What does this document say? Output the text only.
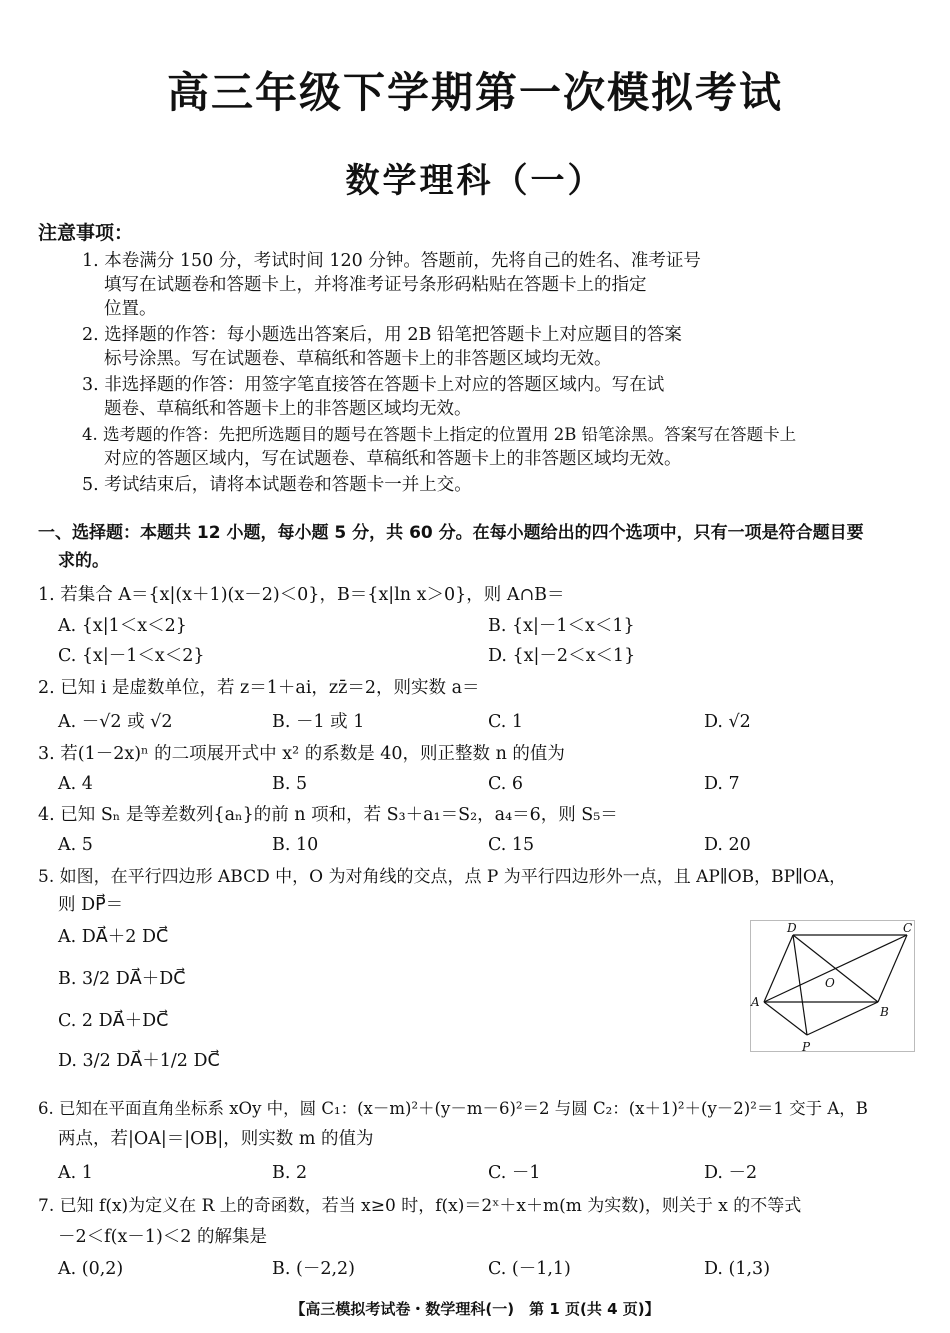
高三年级下学期第一次模拟考试
数学理科（一）
注意事项：
1. 本卷满分 150 分，考试时间 120 分钟。答题前，先将自己的姓名、准考证号
填写在试题卷和答题卡上，并将准考证号条形码粘贴在答题卡上的指定
位置。
2. 选择题的作答：每小题选出答案后，用 2B 铅笔把答题卡上对应题目的答案
标号涂黑。写在试题卷、草稿纸和答题卡上的非答题区域均无效。
3. 非选择题的作答：用签字笔直接答在答题卡上对应的答题区域内。写在试
题卷、草稿纸和答题卡上的非答题区域均无效。
4. 选考题的作答：先把所选题目的题号在答题卡上指定的位置用 2B 铅笔涂黑。答案写在答题卡上
对应的答题区域内，写在试题卷、草稿纸和答题卡上的非答题区域均无效。
5. 考试结束后，请将本试题卷和答题卡一并上交。
一、选择题：本题共 12 小题，每小题 5 分，共 60 分。在每小题给出的四个选项中，只有一项是符合题目要
求的。
1. 若集合 A＝{x|(x＋1)(x－2)＜0}，B＝{x|ln x＞0}，则 A∩B＝
A. {x|1＜x＜2}	B. {x|－1＜x＜1}
C. {x|－1＜x＜2}	D. {x|－2＜x＜1}
2. 已知 i 是虚数单位，若 z＝1＋ai，zz̄＝2，则实数 a＝
A. －√2 或 √2	B. －1 或 1	C. 1	D. √2
3. 若(1－2x)ⁿ 的二项展开式中 x² 的系数是 40，则正整数 n 的值为
A. 4	B. 5	C. 6	D. 7
4. 已知 Sₙ 是等差数列{aₙ}的前 n 项和，若 S₃＋a₁＝S₂，a₄＝6，则 S₅＝
A. 5	B. 10	C. 15	D. 20
5. 如图，在平行四边形 ABCD 中，O 为对角线的交点，点 P 为平行四边形外一点，且 AP∥OB，BP∥OA，
则 DP⃗＝
A. DA⃗＋2 DC⃗
B. 3/2 DA⃗＋DC⃗
C. 2 DA⃗＋DC⃗
D. 3/2 DA⃗＋1/2 DC⃗
A
B
C
D
O
P
6. 已知在平面直角坐标系 xOy 中，圆 C₁：(x－m)²＋(y－m－6)²＝2 与圆 C₂：(x＋1)²＋(y－2)²＝1 交于 A，B
两点，若|OA|＝|OB|，则实数 m 的值为
A. 1	B. 2	C. －1	D. －2
7. 已知 f(x)为定义在 R 上的奇函数，若当 x≥0 时，f(x)＝2ˣ＋x＋m(m 为实数)，则关于 x 的不等式
－2＜f(x－1)＜2 的解集是
A. (0,2)	B. (－2,2)	C. (－1,1)	D. (1,3)
【高三模拟考试卷・数学理科(一)　第 1 页(共 4 页)】
